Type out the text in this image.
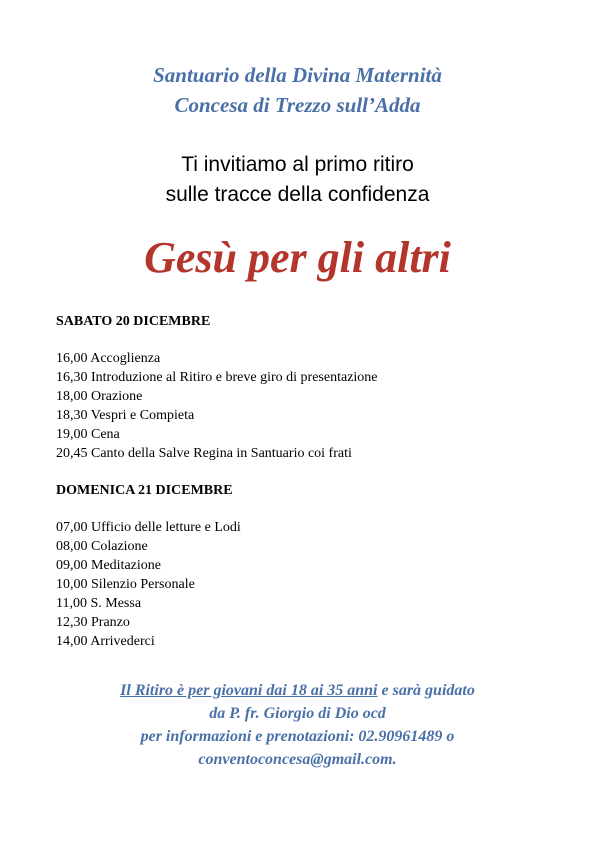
Santuario della Divina Maternità
Concesa di Trezzo sull’Adda
Ti invitiamo al primo ritiro
sulle tracce della confidenza
Gesù per gli altri
SABATO 20 DICEMBRE
16,00 Accoglienza
16,30 Introduzione al Ritiro e breve giro di presentazione
18,00 Orazione
18,30 Vespri e Compieta
19,00 Cena
20,45 Canto della Salve Regina in Santuario coi frati
DOMENICA 21 DICEMBRE
07,00 Ufficio delle letture e Lodi
08,00 Colazione
09,00 Meditazione
10,00 Silenzio Personale
11,00 S. Messa
12,30 Pranzo
14,00 Arrivederci
Il Ritiro è per giovani dai 18 ai 35 anni e sarà guidato
da P. fr. Giorgio di Dio ocd
per informazioni e prenotazioni: 02.90961489 o
conventoconcesa@gmail.com.
